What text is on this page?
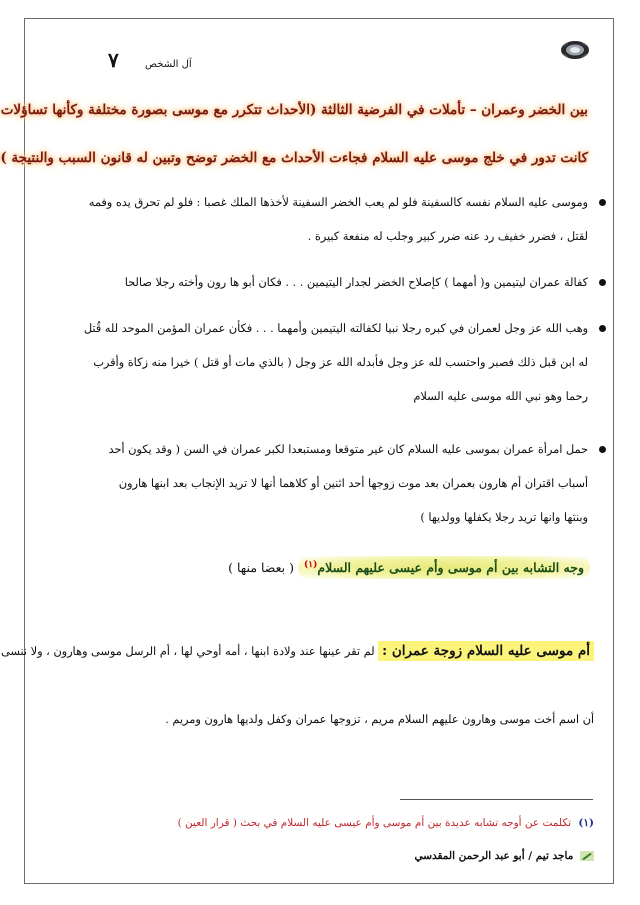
٧	آل الشخص
بين الخضر وعمران – تأملات في الفرضية الثالثة (الأحداث تتكرر مع موسى بصورة مختلفة وكأنها تساؤلات
كانت تدور في خلج موسى عليه السلام فجاءت الأحداث مع الخضر توضح وتبين له قانون السبب والنتيجة )
وموسى عليه السلام نفسه كالسفينة فلو لم يعب الخضر السفينة لأخذها الملك غصبا : فلو لم تحرق يده وفمه
لقتل ، فضرر خفيف رد عنه ضرر كبير وجلب له منفعة كبيرة .
كفالة عمران ليتيمين و( أمهما ) كإصلاح الخضر لجدار اليتيمين . . . فكان أبو ها رون وأخته رجلا صالحا
وهب الله عز وجل لعمران في كبره رجلا نبيا لكفالته اليتيمين وأمهما . . . فكأن عمران المؤمن الموحد لله قُتل
له ابن قبل ذلك فصبر واحتسب لله عز وجل فأبدله الله عز وجل ( بالذي مات أو قتل ) خيرا منه زكاة وأقرب
رحما وهو نبي الله موسى عليه السلام
حمل امرأة عمران بموسى عليه السلام كان غير متوقعا ومستبعدا لكبر عمران في السن ( وقد يكون أحد
أسباب اقتران أم هارون بعمران بعد موت زوجها أحد اثنين أو كلاهما أنها لا تريد الإنجاب بعد ابنها هارون
وبنتها وانها تريد رجلا يكفلها وولديها )
وجه التشابه بين أم موسى وأم عيسى عليهم السلام$^{(١)}$ ( بعضا منها )
أم موسى عليه السلام زوجة عمران : لم تقر عينها عند ولادة ابنها ، أمه أوحي لها ، أم الرسل موسى وهارون ، ولا ننسى
أن اسم أخت موسى وهارون عليهم السلام مريم ، تزوجها عمران وكفل ولديها هارون ومريم .
(١) تكلمت عن أوجه تشابه عديدة بين أم موسى وأم عيسى عليه السلام في بحث ( قرار العين )
ماجد تيم / أبو عبد الرحمن المقدسي
